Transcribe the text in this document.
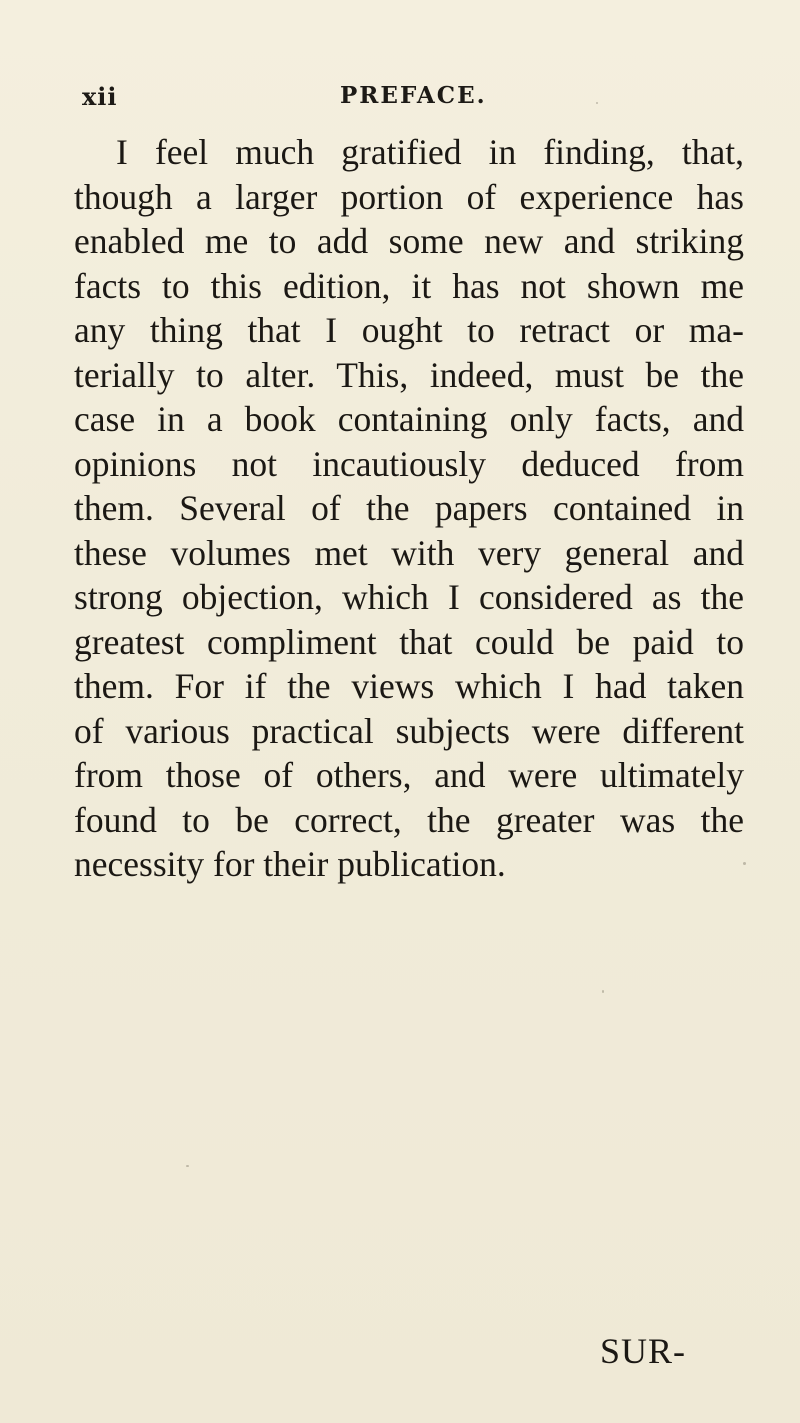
xii	PREFACE.

I feel much gratified in finding, that,
though a larger portion of experience has
enabled me to add some new and striking
facts to this edition, it has not shown me
any thing that I ought to retract or ma-
terially to alter. This, indeed, must be the
case in a book containing only facts, and
opinions not incautiously deduced from
them. Several of the papers contained in
these volumes met with very general and
strong objection, which I considered as the
greatest compliment that could be paid to
them. For if the views which I had taken
of various practical subjects were different
from those of others, and were ultimately
found to be correct, the greater was the
necessity for their publication.

SUR-
